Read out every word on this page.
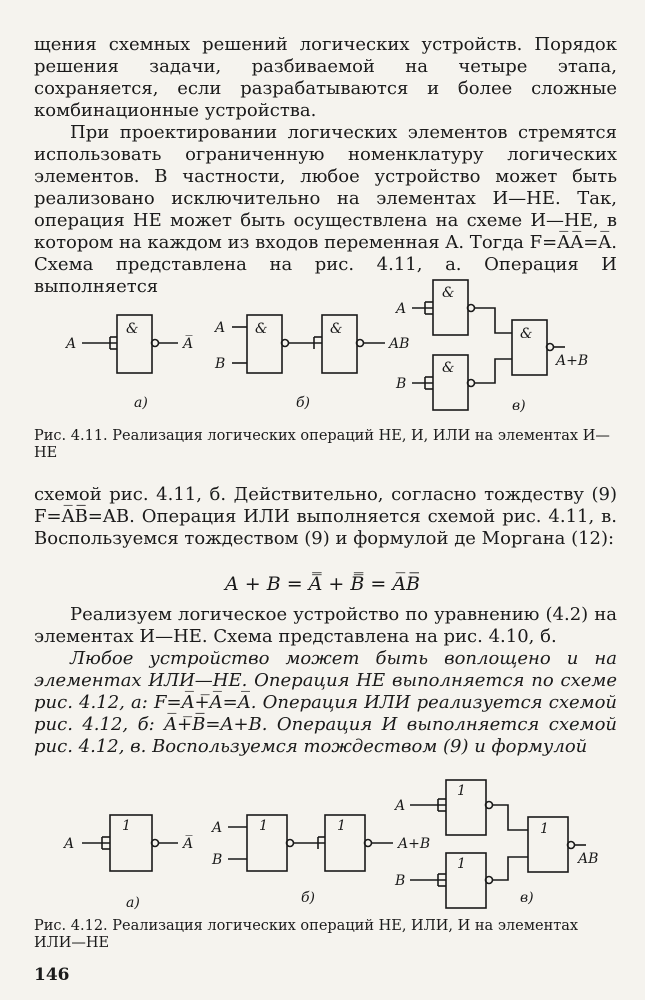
щения схемных решений логических устройств. Порядок решения задачи, разбиваемой на четыре этапа, сохраняется, если разрабатываются и более сложные комбинационные устройства.

При проектировании логических элементов стремятся использовать ограниченную номенклатуру логических элементов. В частности, любое устройство может быть реализовано исключительно на элементах И—НЕ. Так, операция НЕ может быть осуществлена на схеме И—НЕ, в котором на каждом из входов переменная A. Тогда F=A̅A̅=A̅. Схема представлена на рис. 4.11, а. Операция И выполняется

&
A	A̅
а)
&	&
A
B
AB
б)
&
&
&
A
B
A+B
в)

Рис. 4.11. Реализация логических операций НЕ, И, ИЛИ на элементах И—НЕ

схемой рис. 4.11, б. Действительно, согласно тождеству (9) F=A̅B̅̅=AB. Операция ИЛИ выполняется схемой рис. 4.11, в. Воспользуемся тождеством (9) и формулой де Моргана (12):

A + B = A̿ + B̿ = A̅B̅̅

Реализуем логическое устройство по уравнению (4.2) на элементах И—НЕ. Схема представлена на рис. 4.10, б.

Любое устройство может быть воплощено и на элементах ИЛИ—НЕ. Операция НЕ выполняется по схеме рис. 4.12, а: F=A̅+̅A̅=A̅. Операция ИЛИ реализуется схемой рис. 4.12, б: A̅+̅B̅̅=A+B. Операция И выполняется схемой рис. 4.12, в. Воспользуемся тождеством (9) и формулой

1
A	A̅
а)
1	1
A
B
A+B
б)
1
1
1
A
B
AB
в)

Рис. 4.12. Реализация логических операций НЕ, ИЛИ, И на элементах ИЛИ—НЕ

146
